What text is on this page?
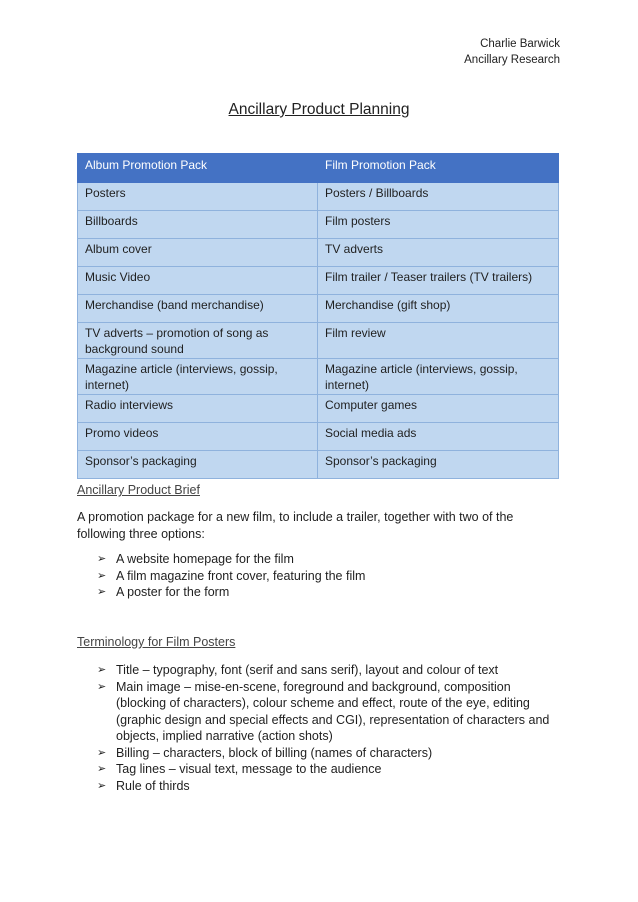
Charlie Barwick
Ancillary Research
Ancillary Product Planning
Album Promotion Pack	Film Promotion Pack
Posters	Posters / Billboards
Billboards	Film posters
Album cover	TV adverts
Music Video	Film trailer / Teaser trailers (TV trailers)
Merchandise (band merchandise)	Merchandise (gift shop)
TV adverts – promotion of song as background sound	Film review
Magazine article (interviews, gossip, internet)	Magazine article (interviews, gossip, internet)
Radio interviews	Computer games
Promo videos	Social media ads
Sponsor’s packaging	Sponsor’s packaging
Ancillary Product Brief
A promotion package for a new film, to include a trailer, together with two of the following three options:
➢ A website homepage for the film
➢ A film magazine front cover, featuring the film
➢ A poster for the form
Terminology for Film Posters
➢ Title – typography, font (serif and sans serif), layout and colour of text
➢ Main image – mise-en-scene, foreground and background, composition (blocking of characters), colour scheme and effect, route of the eye, editing (graphic design and special effects and CGI), representation of characters and objects, implied narrative (action shots)
➢ Billing – characters, block of billing (names of characters)
➢ Tag lines – visual text, message to the audience
➢ Rule of thirds
